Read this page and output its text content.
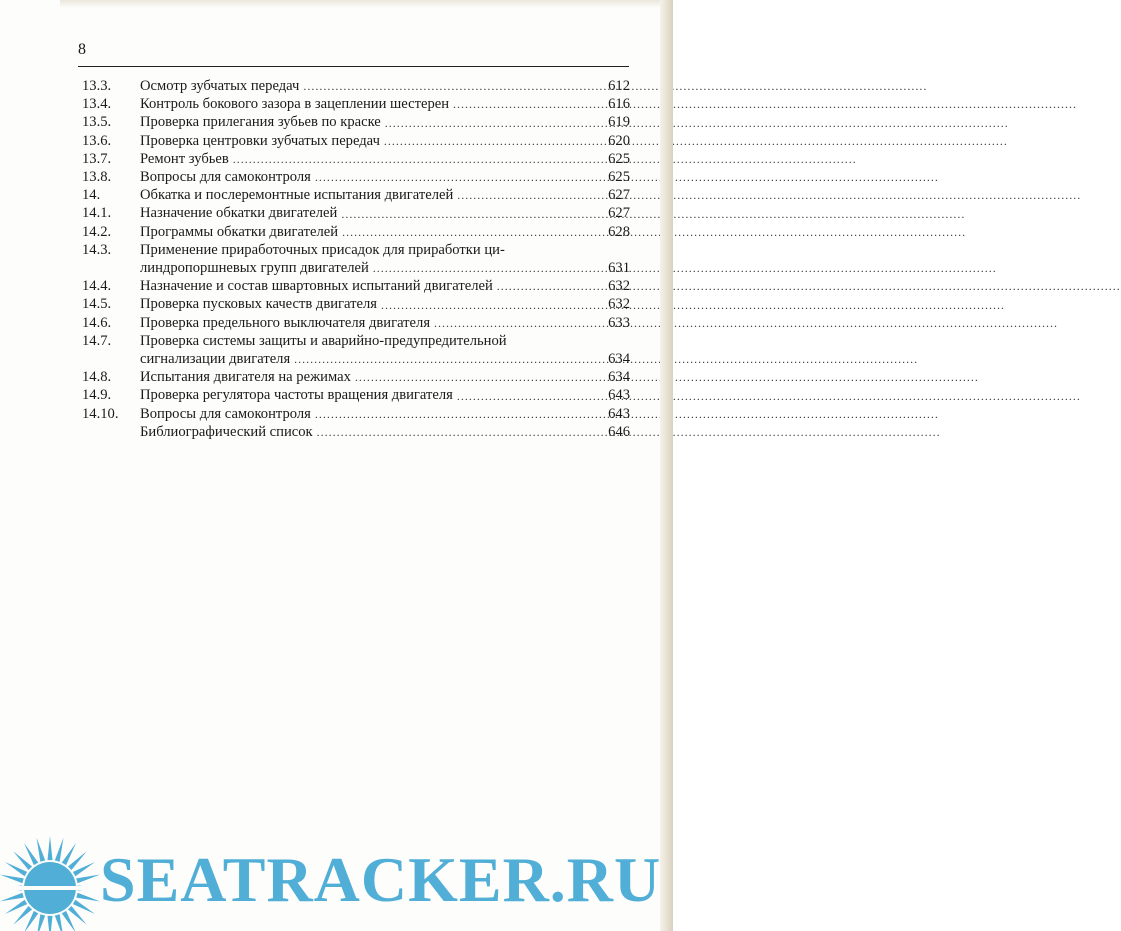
8
13.3.	Осмотр зубчатых передач .....	612
13.4.	Контроль бокового зазора в зацеплении шестерен .....	616
13.5.	Проверка прилегания зубьев по краске .....	619
13.6.	Проверка центровки зубчатых передач .....	620
13.7.	Ремонт зубьев .....	625
13.8.	Вопросы для самоконтроля .....	625
14.	Обкатка и послеремонтные испытания двигателей .....	627
14.1.	Назначение обкатки двигателей .....	627
14.2.	Программы обкатки двигателей .....	628
14.3.	Применение приработочных присадок для приработки ци-
линдропоршневых групп двигателей .....	631
14.4.	Назначение и состав швартовных испытаний двигателей .....	632
14.5.	Проверка пусковых качеств двигателя .....	632
14.6.	Проверка предельного выключателя двигателя .....	633
14.7.	Проверка системы защиты и аварийно-предупредительной
сигнализации двигателя .....	634
14.8.	Испытания двигателя на режимах .....	634
14.9.	Проверка регулятора частоты вращения двигателя .....	643
14.10.	Вопросы для самоконтроля .....	643
Библиографический список .....	646
SEATRACKER.RU
